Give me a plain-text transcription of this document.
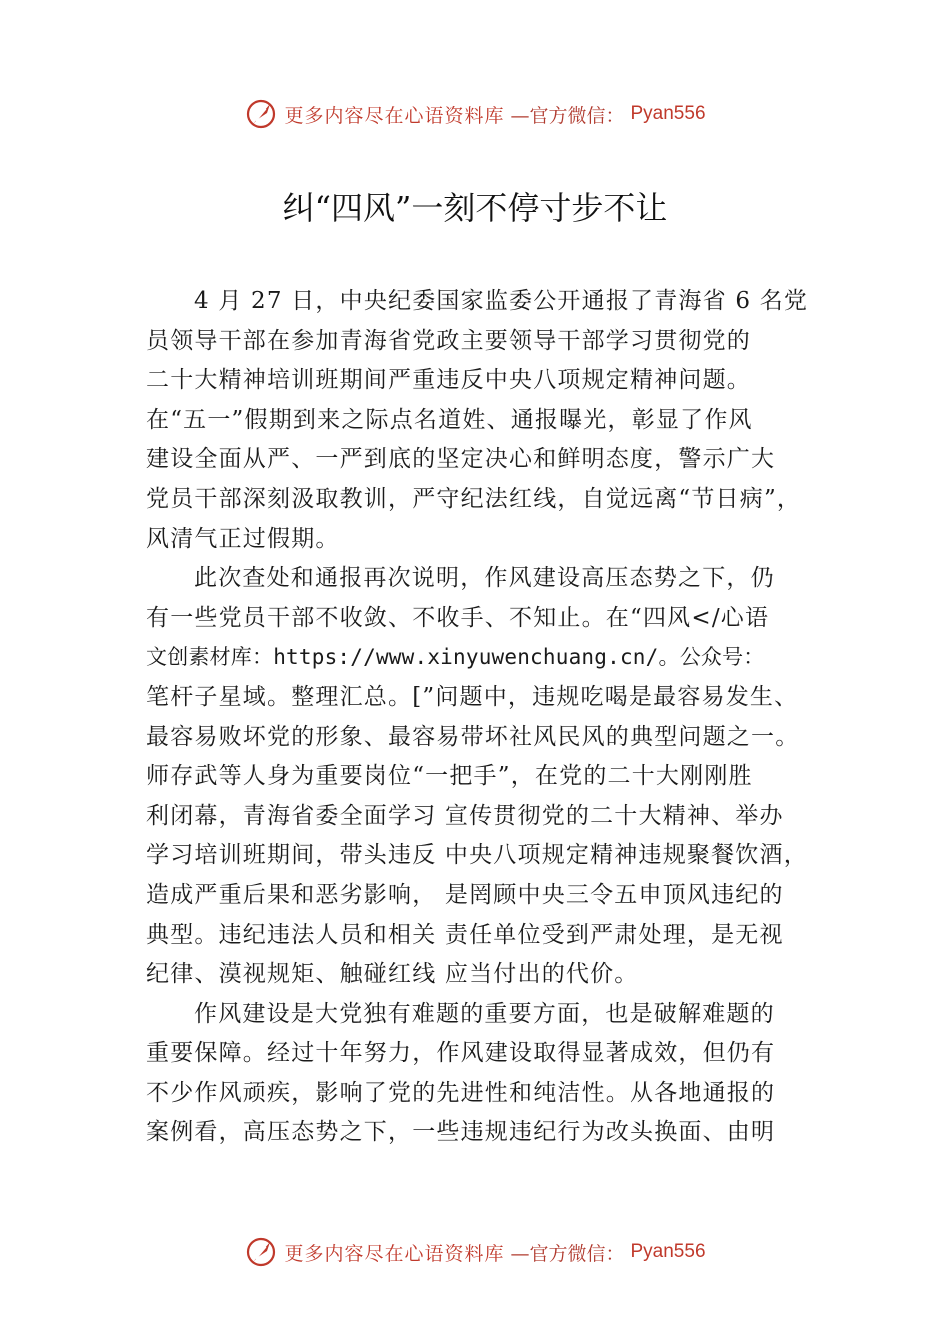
更多内容尽在心语资料库 —官方微信： Pyan556
纠“四风”一刻不停寸步不让
4 月 27 日，中央纪委国家监委公开通报了青海省 6 名党
员领导干部在参加青海省党政主要领导干部学习贯彻党的
二十大精神培训班期间严重违反中央八项规定精神问题。
在“五一”假期到来之际点名道姓、通报曝光，彰显了作风
建设全面从严、一严到底的坚定决心和鲜明态度，警示广大
党员干部深刻汲取教训，严守纪法红线，自觉远离“节日病”，
风清气正过假期。
此次查处和通报再次说明，作风建设高压态势之下，仍
有一些党员干部不收敛、不收手、不知止。在“四风</心语
文创素材库：https://www.xinyuwenchuang.cn/。公众号：
笔杆子星域。整理汇总。[”问题中，违规吃喝是最容易发生、
最容易败坏党的形象、最容易带坏社风民风的典型问题之一。
师存武等人身为重要岗位“一把手”，在党的二十大刚刚胜
利闭幕，青海省委全面学习 宣传贯彻党的二十大精神、举办
学习培训班期间，带头违反 中央八项规定精神违规聚餐饮酒，
造成严重后果和恶劣影响， 是罔顾中央三令五申顶风违纪的
典型。违纪违法人员和相关 责任单位受到严肃处理，是无视
纪律、漠视规矩、触碰红线 应当付出的代价。
作风建设是大党独有难题的重要方面，也是破解难题的
重要保障。经过十年努力，作风建设取得显著成效，但仍有
不少作风顽疾，影响了党的先进性和纯洁性。从各地通报的
案例看，高压态势之下，一些违规违纪行为改头换面、由明
更多内容尽在心语资料库 —官方微信： Pyan556
